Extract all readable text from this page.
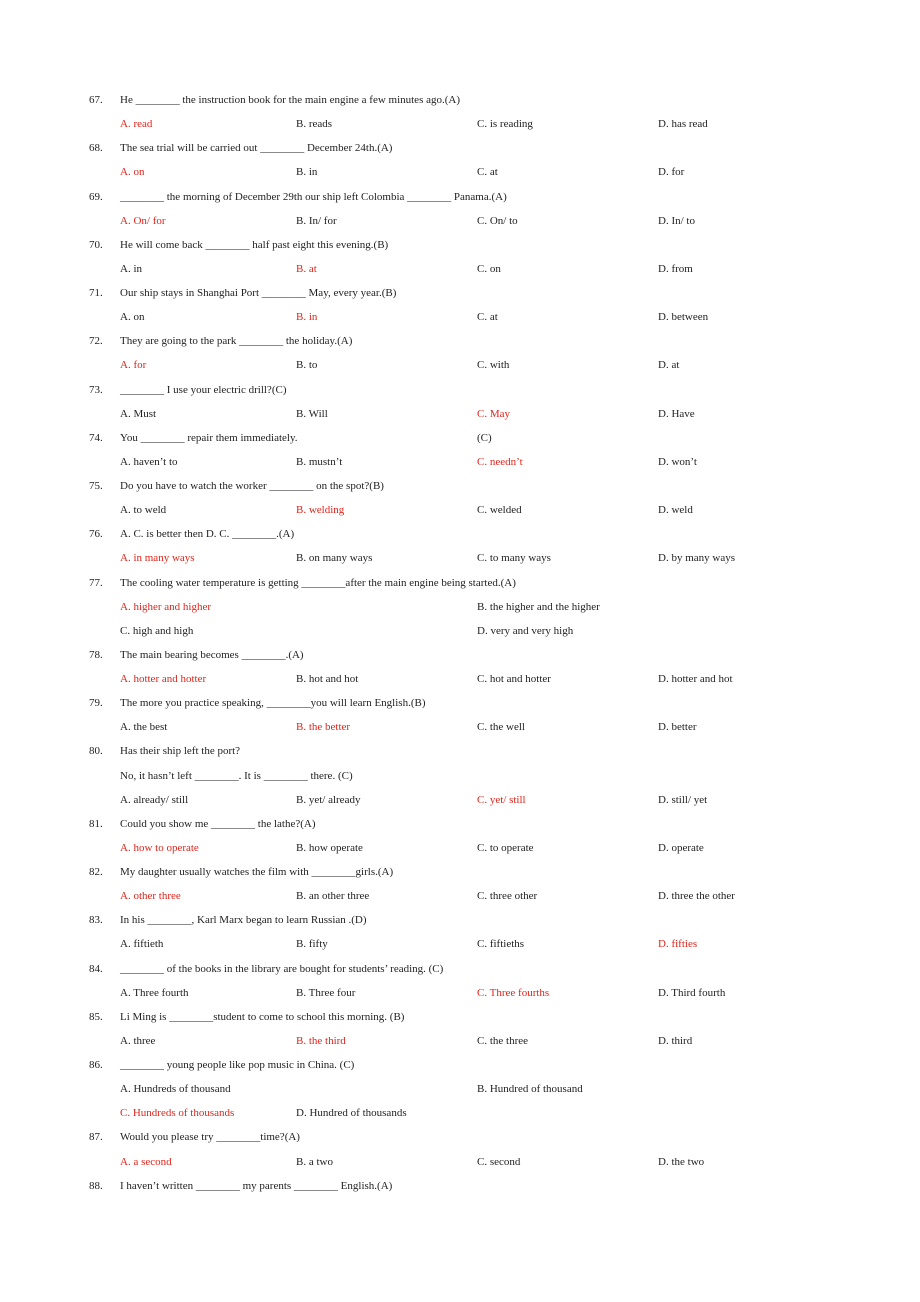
67. He ________ the instruction book for the main engine a few minutes ago.(A)
A. read	B. reads	C. is reading	D. has read
68. The sea trial will be carried out ________ December 24th.(A)
A. on	B. in	C. at	D. for
69. ________ the morning of December 29th our ship left Colombia ________ Panama.(A)
A. On/ for	B. In/ for	C. On/ to	D. In/ to
70. He will come back ________ half past eight this evening.(B)
A. in	B. at	C. on	D. from
71. Our ship stays in Shanghai Port ________ May, every year.(B)
A. on	B. in	C. at	D. between
72. They are going to the park ________ the holiday.(A)
A. for	B. to	C. with	D. at
73. ________ I use your electric drill?(C)
A. Must	B. Will	C. May	D. Have
74. You ________ repair them immediately.	(C)
A. haven’t to	B. mustn’t	C. needn’t	D. won’t
75. Do you have to watch the worker ________ on the spot?(B)
A. to weld	B. welding	C. welded	D. weld
76. A. C. is better then D. C. ________.(A)
A. in many ways	B. on many ways	C. to many ways	D. by many ways
77. The cooling water temperature is getting ________after the main engine being started.(A)
A. higher and higher	B. the higher and the higher
C. high and high	D. very and very high
78. The main bearing becomes ________.(A)
A. hotter and hotter	B. hot and hot	C. hot and hotter	D. hotter and hot
79. The more you practice speaking, ________you will learn English.(B)
A. the best	B. the better	C. the well	D. better
80. Has their ship left the port?
No, it hasn’t left ________. It is ________ there. (C)
A. already/ still	B. yet/ already	C. yet/ still	D. still/ yet
81. Could you show me ________ the lathe?(A)
A. how to operate	B. how operate	C. to operate	D. operate
82. My daughter usually watches the film with ________girls.(A)
A. other three	B. an other three	C. three other	D. three the other
83. In his ________, Karl Marx began to learn Russian .(D)
A. fiftieth	B. fifty	C. fiftieths	D. fifties
84. ________ of the books in the library are bought for students’ reading. (C)
A. Three fourth	B. Three four	C. Three fourths	D. Third fourth
85. Li Ming is ________student to come to school this morning. (B)
A. three	B. the third	C. the three	D. third
86. ________ young people like pop music in China. (C)
A. Hundreds of thousand	B. Hundred of thousand
C. Hundreds of thousands	D. Hundred of thousands
87. Would you please try ________time?(A)
A. a second	B. a two	C. second	D. the two
88. I haven’t written ________ my parents ________ English.(A)
